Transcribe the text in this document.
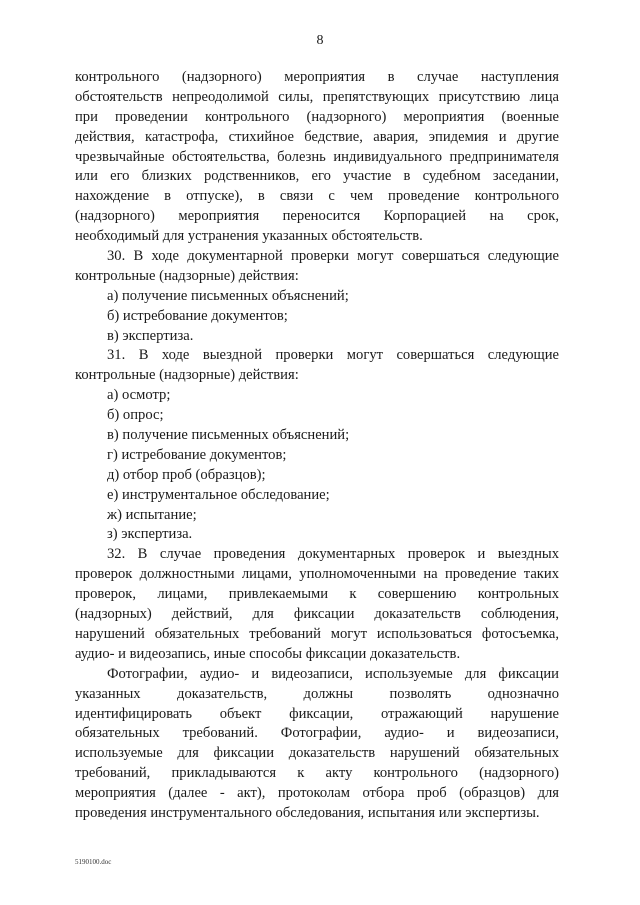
8
контрольного (надзорного) мероприятия в случае наступления
обстоятельств непреодолимой силы, препятствующих присутствию лица
при проведении контрольного (надзорного) мероприятия (военные
действия, катастрофа, стихийное бедствие, авария, эпидемия и другие
чрезвычайные обстоятельства, болезнь индивидуального предпринимателя
или его близких родственников, его участие в судебном заседании,
нахождение в отпуске), в связи с чем проведение контрольного
(надзорного) мероприятия переносится Корпорацией на срок,
необходимый для устранения указанных обстоятельств.
30. В ходе документарной проверки могут совершаться следующие
контрольные (надзорные) действия:
а) получение письменных объяснений;
б) истребование документов;
в) экспертиза.
31. В ходе выездной проверки могут совершаться следующие
контрольные (надзорные) действия:
а) осмотр;
б) опрос;
в) получение письменных объяснений;
г) истребование документов;
д) отбор проб (образцов);
е) инструментальное обследование;
ж) испытание;
з) экспертиза.
32. В случае проведения документарных проверок и выездных
проверок должностными лицами, уполномоченными на проведение таких
проверок, лицами, привлекаемыми к совершению контрольных
(надзорных) действий, для фиксации доказательств соблюдения,
нарушений обязательных требований могут использоваться фотосъемка,
аудио- и видеозапись, иные способы фиксации доказательств.
Фотографии, аудио- и видеозаписи, используемые для фиксации
указанных доказательств, должны позволять однозначно
идентифицировать объект фиксации, отражающий нарушение
обязательных требований. Фотографии, аудио- и видеозаписи,
используемые для фиксации доказательств нарушений обязательных
требований, прикладываются к акту контрольного (надзорного)
мероприятия (далее - акт), протоколам отбора проб (образцов) для
проведения инструментального обследования, испытания или экспертизы.
5190100.doc
